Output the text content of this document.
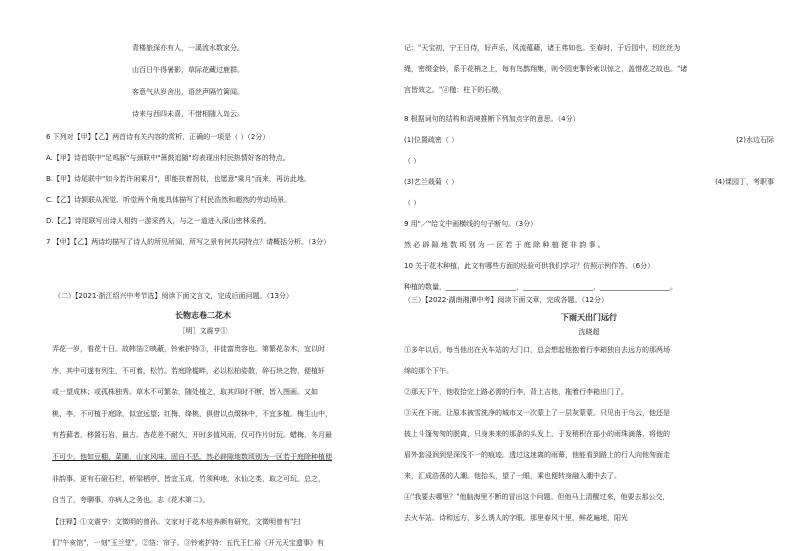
青楼旅深亦有人，一溪流水数家分。
山百日午得暑影，草际花藏过鹿群。
客意气从岁舍出，语丝声隔竹篱闻。
诗来与西四未喜，不惜相随入岛云。
6 下列对【甲】【乙】两首诗有关内容的赏析，正确的一项是（ ）（2分）
A.【甲】诗首联中"足鸡豚"与颈联中"箫鼓追随"均表现出村民热情好客的特点。
B.【甲】诗尾联中"如今若许闲乘月"，即能扶着拐杖，也愿意"乘月"而来，再访此地。
C.【乙】诗颔联从视觉、听觉两个角度具体描写了村民浩然和超然的劳动场景。
D.【乙】诗尾联写出诗人相约一游采药人，与之一道进入深山密林采药。
7 【甲】【乙】两诗均描写了诗人的所见所闻，所写之景有何共同特点？请概括分析。（3分）
（二）【2021·浙江绍兴中考节选】阅读下面文言文，完成后面问题。（13分）
长物志卷二花木
［明］文震亨①
弄花一岁，看花十日。故帏箔②映蔽，铃索护持③，非徒富贵容也。第繁花杂木，宜以时
序，其中可遂有列生，不可着，松竹。若庭除槛畔，必以松柏姿散，碎石块之物，便植轩
或一望成林；或孤株独秀。草木不可繁杂，随处植之，取其四时不断，皆入图画。又如
桃、李，不可植于庭除，似宜远望；红梅、绛桃，俱借以点缀林中，不宜多植。梅生山中，
有苔藓者，移置石岩，最古。杏花差不耐久，开时多值风雨，仅可作片时玩。蜡梅，冬月最
不可少。他如豆棚、菜圃，山家风味，固自不恶。然必辟隙地数顷别为一区若于庭除种植便
非韵事。更有石磴石栏，桥梁栖亭，皆宜玉成，竹须种地，水仙之类，取之可玩。总之，
自当了，夸聊事，亦病人之务也。志《花木第二》。
【注释】①文震亨：文徵明的曾孙。文家对于花木培养颇有研究，文徵明曾有"扫
们"午亥馆"，一刻"玉兰堂"。②箔：帘子。③铃索护持：五代王仁裕《开元天宝遗事》有
记："天宝初，宁王日侍，好声乐，风流蕴藉，诸王弗如也。至春时，于后园中，纫丝丝为
绳，密缀金铃，系于花梢之上，每有鸟鹊翔集，则令园吏掣铃索以惊之，盖惜花之故也。"诸
宫皆效之。"④楹：柱下的石墩。
8 根据词句的结构和语境推断下列加点字的意思。（4分）
(1)位置疏密（ ）	(2)水边石际
（ ）
(3)艺兰栽菊（ ）	(4)课园丁，考职事
（ ）
9 用"／"给文中画横线的句子断句。（3分）
然 必 辟 隙 地 数 顷 别 为 一 区 若 于 庭 除 种 植 便 非 韵 事 。
10 关于花木种植，此文有哪些方面的经验可供我们学习？仿照示例作答。（6分）
种植的数量，____________________，____________________，____________________。
（三）【2022·湖南湘潭中考】阅读下面文章，完成各题。（12分）
下雨天出门远行
沈晓超
①多年以后，每当他出在火车站的大门口，总会想起他抱着行李箱独自去远方的那两场
绵的那个下午。
②那天下午，他收拾完上路必需的行李，背上吉他，拖着行李箱出门了。
③天在下雨。让原本被雪洗净的城市又一次蒙上了一层灰蒙蒙。只见由于乌云，他还是
披上斗篷匆匆的脱离，只身来来的那条的头发上，于发稍积在部小的雨珠滴落，将他的
眉外套浸润到是深浅不一的痕迹。透过这迷离的雨幕，他能看到路上的行人向他匆面走
来，汇成浩荡的人潮。他抬头，望了一眼，乘也便转身融入潮中去了。
④"我要去哪里？"他脑海里不断的冒出这个问题。但他马上清醒过来，他要去那公交，
去火车站。诗和远方，多么诱人的字眼。那里春风十里，鲜花遍地，阳光
